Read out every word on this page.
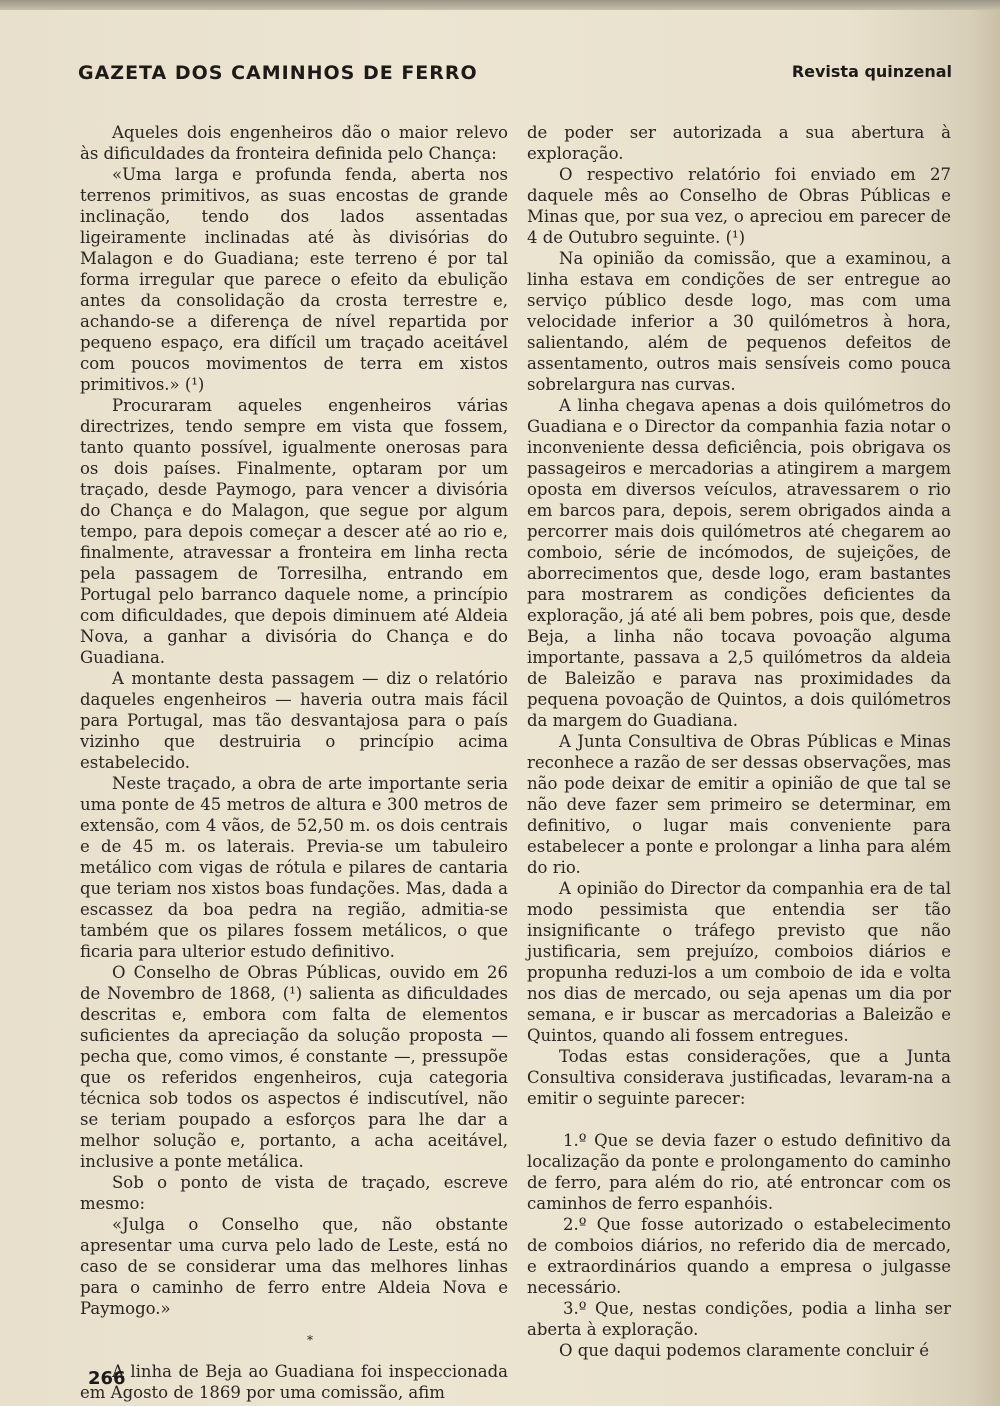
GAZETA DOS CAMINHOS DE FERRO	Revista quinzenal

Aqueles dois engenheiros dão o maior relevo às dificuldades da fronteira definida pelo Chança:

«Uma larga e profunda fenda, aberta nos terrenos primitivos, as suas encostas de grande inclinação, tendo dos lados assentadas ligeiramente inclinadas até às divisórias do Malagon e do Guadiana; este terreno é por tal forma irregular que parece o efeito da ebulição antes da consolidação da crosta terrestre e, achando-se a diferença de nível repartida por pequeno espaço, era difícil um traçado aceitável com poucos movimentos de terra em xistos primitivos.» (¹)

Procuraram aqueles engenheiros várias directrizes, tendo sempre em vista que fossem, tanto quanto possível, igualmente onerosas para os dois países. Finalmente, optaram por um traçado, desde Paymogo, para vencer a divisória do Chança e do Malagon, que segue por algum tempo, para depois começar a descer até ao rio e, finalmente, atravessar a fronteira em linha recta pela passagem de Torresilha, entrando em Portugal pelo barranco daquele nome, a princípio com dificuldades, que depois diminuem até Aldeia Nova, a ganhar a divisória do Chança e do Guadiana.

A montante desta passagem — diz o relatório daqueles engenheiros — haveria outra mais fácil para Portugal, mas tão desvantajosa para o país vizinho que destruiria o princípio acima estabelecido.

Neste traçado, a obra de arte importante seria uma ponte de 45 metros de altura e 300 metros de extensão, com 4 vãos, de 52,50 m. os dois centrais e de 45 m. os laterais. Previa-se um tabuleiro metálico com vigas de rótula e pilares de cantaria que teriam nos xistos boas fundações. Mas, dada a escassez da boa pedra na região, admitia-se também que os pilares fossem metálicos, o que ficaria para ulterior estudo definitivo.

O Conselho de Obras Públicas, ouvido em 26 de Novembro de 1868, (¹) salienta as dificuldades descritas e, embora com falta de elementos suficientes da apreciação da solução proposta — pecha que, como vimos, é constante —, pressupõe que os referidos engenheiros, cuja categoria técnica sob todos os aspectos é indiscutível, não se teriam poupado a esforços para lhe dar a melhor solução e, portanto, a acha aceitável, inclusive a ponte metálica.

Sob o ponto de vista de traçado, escreve mesmo:

«Julga o Conselho que, não obstante apresentar uma curva pelo lado de Leste, está no caso de se considerar uma das melhores linhas para o caminho de ferro entre Aldeia Nova e Paymogo.»

*

A linha de Beja ao Guadiana foi inspeccionada em Agosto de 1869 por uma comissão, afim

de poder ser autorizada a sua abertura à exploração.

O respectivo relatório foi enviado em 27 daquele mês ao Conselho de Obras Públicas e Minas que, por sua vez, o apreciou em parecer de 4 de Outubro seguinte. (¹)

Na opinião da comissão, que a examinou, a linha estava em condições de ser entregue ao serviço público desde logo, mas com uma velocidade inferior a 30 quilómetros à hora, salientando, além de pequenos defeitos de assentamento, outros mais sensíveis como pouca sobrelargura nas curvas.

A linha chegava apenas a dois quilómetros do Guadiana e o Director da companhia fazia notar o inconveniente dessa deficiência, pois obrigava os passageiros e mercadorias a atingirem a margem oposta em diversos veículos, atravessarem o rio em barcos para, depois, serem obrigados ainda a percorrer mais dois quilómetros até chegarem ao comboio, série de incómodos, de sujeições, de aborrecimentos que, desde logo, eram bastantes para mostrarem as condições deficientes da exploração, já até ali bem pobres, pois que, desde Beja, a linha não tocava povoação alguma importante, passava a 2,5 quilómetros da aldeia de Baleizão e parava nas proximidades da pequena povoação de Quintos, a dois quilómetros da margem do Guadiana.

A Junta Consultiva de Obras Públicas e Minas reconhece a razão de ser dessas observações, mas não pode deixar de emitir a opinião de que tal se não deve fazer sem primeiro se determinar, em definitivo, o lugar mais conveniente para estabelecer a ponte e prolongar a linha para além do rio.

A opinião do Director da companhia era de tal modo pessimista que entendia ser tão insignificante o tráfego previsto que não justificaria, sem prejuízo, comboios diários e propunha reduzi-los a um comboio de ida e volta nos dias de mercado, ou seja apenas um dia por semana, e ir buscar as mercadorias a Baleizão e Quintos, quando ali fossem entregues.

Todas estas considerações, que a Junta Consultiva considerava justificadas, levaram-na a emitir o seguinte parecer:

1.º Que se devia fazer o estudo definitivo da localização da ponte e prolongamento do caminho de ferro, para além do rio, até entroncar com os caminhos de ferro espanhóis.

2.º Que fosse autorizado o estabelecimento de comboios diários, no referido dia de mercado, e extraordinários quando a empresa o julgasse necessário.

3.º Que, nestas condições, podia a linha ser aberta à exploração.

O que daqui podemos claramente concluir é

266
